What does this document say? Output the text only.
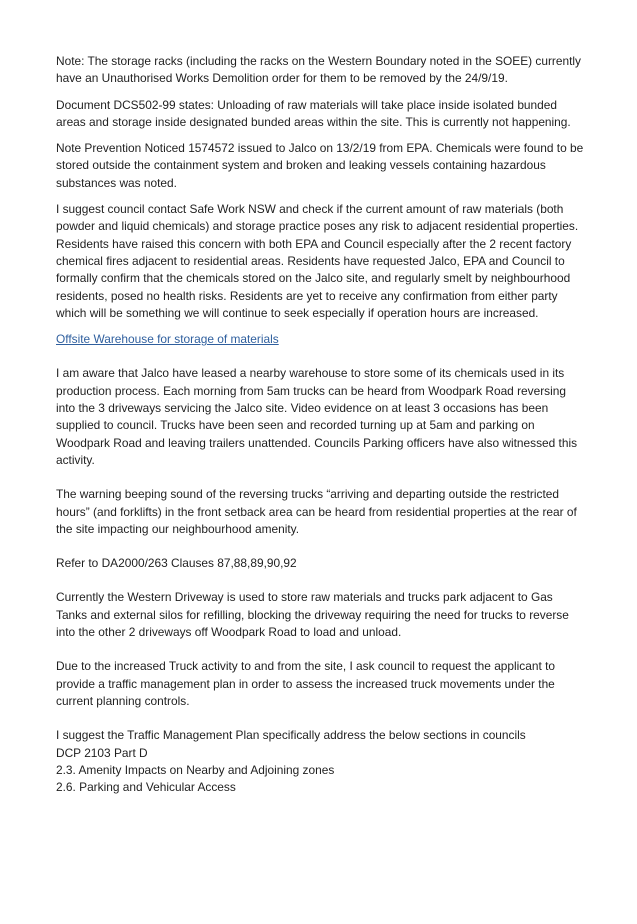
Note: The storage racks (including the racks on the Western Boundary noted in the SOEE) currently have an Unauthorised Works Demolition order for them to be removed by the 24/9/19.

Document DCS502-99 states: Unloading of raw materials will take place inside isolated bunded areas and storage inside designated bunded areas within the site. This is currently not happening.

Note Prevention Noticed 1574572 issued to Jalco on 13/2/19 from EPA. Chemicals were found to be stored outside the containment system and broken and leaking vessels containing hazardous substances was noted.

I suggest council contact Safe Work NSW and check if the current amount of raw materials (both powder and liquid chemicals) and storage practice poses any risk to adjacent residential properties. Residents have raised this concern with both EPA and Council especially after the 2 recent factory chemical fires adjacent to residential areas. Residents have requested Jalco, EPA and Council to formally confirm that the chemicals stored on the Jalco site, and regularly smelt by neighbourhood residents, posed no health risks. Residents are yet to receive any confirmation from either party which will be something we will continue to seek especially if operation hours are increased.

Offsite Warehouse for storage of materials

I am aware that Jalco have leased a nearby warehouse to store some of its chemicals used in its production process. Each morning from 5am trucks can be heard from Woodpark Road reversing into the 3 driveways servicing the Jalco site. Video evidence on at least 3 occasions has been supplied to council. Trucks have been seen and recorded turning up at 5am and parking on Woodpark Road and leaving trailers unattended. Councils Parking officers have also witnessed this activity.

The warning beeping sound of the reversing trucks “arriving and departing outside the restricted hours” (and forklifts) in the front setback area can be heard from residential properties at the rear of the site impacting our neighbourhood amenity.

Refer to DA2000/263 Clauses 87,88,89,90,92

Currently the Western Driveway is used to store raw materials and trucks park adjacent to Gas Tanks and external silos for refilling, blocking the driveway requiring the need for trucks to reverse into the other 2 driveways off Woodpark Road to load and unload.

Due to the increased Truck activity to and from the site, I ask council to request the applicant to provide a traffic management plan in order to assess the increased truck movements under the current planning controls.

I suggest the Traffic Management Plan specifically address the below sections in councils
DCP 2103 Part D
2.3. Amenity Impacts on Nearby and Adjoining zones
2.6. Parking and Vehicular Access
